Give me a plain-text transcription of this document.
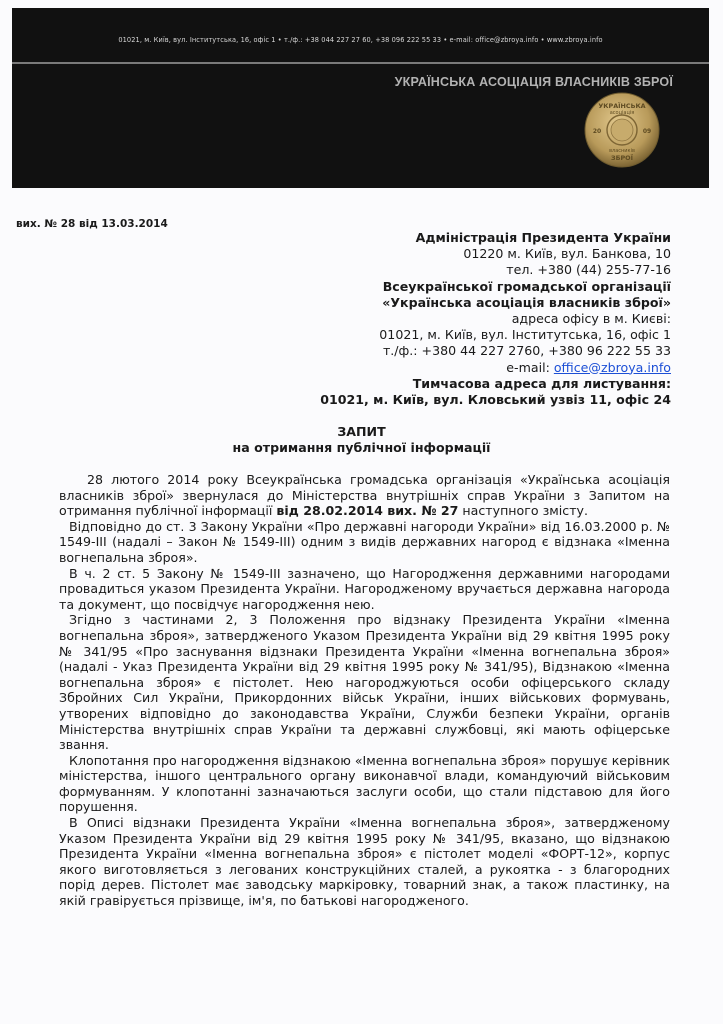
01021, м. Київ, вул. Інститутська, 16, офіс 1 • т./ф.: +38 044 227 27 60, +38 096 222 55 33 • e-mail: office@zbroya.info • www.zbroya.info
УКРАЇНСЬКА АСОЦІАЦІЯ ВЛАСНИКІВ ЗБРОЇ
УКРАЇНСЬКА
асоціація
20	09
власників
ЗБРОЇ
вих. № 28 від 13.03.2014
Адміністрація Президента України
01220 м. Київ, вул. Банкова, 10
тел. +380 (44) 255-77-16
Всеукраїнської громадської організації
«Українська асоціація власників зброї»
адреса офісу в м. Києві:
01021, м. Київ, вул. Інститутська, 16, офіс 1
т./ф.: +380 44 227 2760, +380 96 222 55 33
e-mail: office@zbroya.info
Тимчасова адреса для листування:
01021, м. Київ, вул. Кловський узвіз 11, офіс 24
ЗАПИТ
на отримання публічної інформації

28 лютого 2014 року Всеукраїнська громадська організація «Українська асоціація власників зброї» звернулася до Міністерства внутрішніх справ України з Запитом на отримання публічної інформації від 28.02.2014 вих. № 27 наступного змісту.

Відповідно до ст. 3 Закону України «Про державні нагороди України» від 16.03.2000 р. № 1549-III (надалі – Закон № 1549-III) одним з видів державних нагород є відзнака «Іменна вогнепальна зброя».

В ч. 2 ст. 5 Закону № 1549-III зазначено, що Нагородження державними нагородами провадиться указом Президента України. Нагородженому вручається державна нагорода та документ, що посвідчує нагородження нею.

Згідно з частинами 2, 3 Положення про відзнаку Президента України «Іменна вогнепальна зброя», затвердженого Указом Президента України від 29 квітня 1995 року № 341/95 «Про заснування відзнаки Президента України «Іменна вогнепальна зброя» (надалі - Указ Президента України від 29 квітня 1995 року № 341/95), Відзнакою «Іменна вогнепальна зброя» є пістолет. Нею нагороджуються особи офіцерського складу Збройних Сил України, Прикордонних військ України, інших військових формувань, утворених відповідно до законодавства України, Служби безпеки України, органів Міністерства внутрішніх справ України та державні службовці, які мають офіцерське звання.

Клопотання про нагородження відзнакою «Іменна вогнепальна зброя» порушує керівник міністерства, іншого центрального органу виконавчої влади, командуючий військовим формуванням. У клопотанні зазначаються заслуги особи, що стали підставою для його порушення.

В Описі відзнаки Президента України «Іменна вогнепальна зброя», затвердженому Указом Президента України від 29 квітня 1995 року № 341/95, вказано, що відзнакою Президента України «Іменна вогнепальна зброя» є пістолет моделі «ФОРТ-12», корпус якого виготовляється з легованих конструкційних сталей, а рукоятка - з благородних порід дерев. Пістолет має заводську маркіровку, товарний знак, а також пластинку, на якій гравірується прізвище, ім'я, по батькові нагородженого.
